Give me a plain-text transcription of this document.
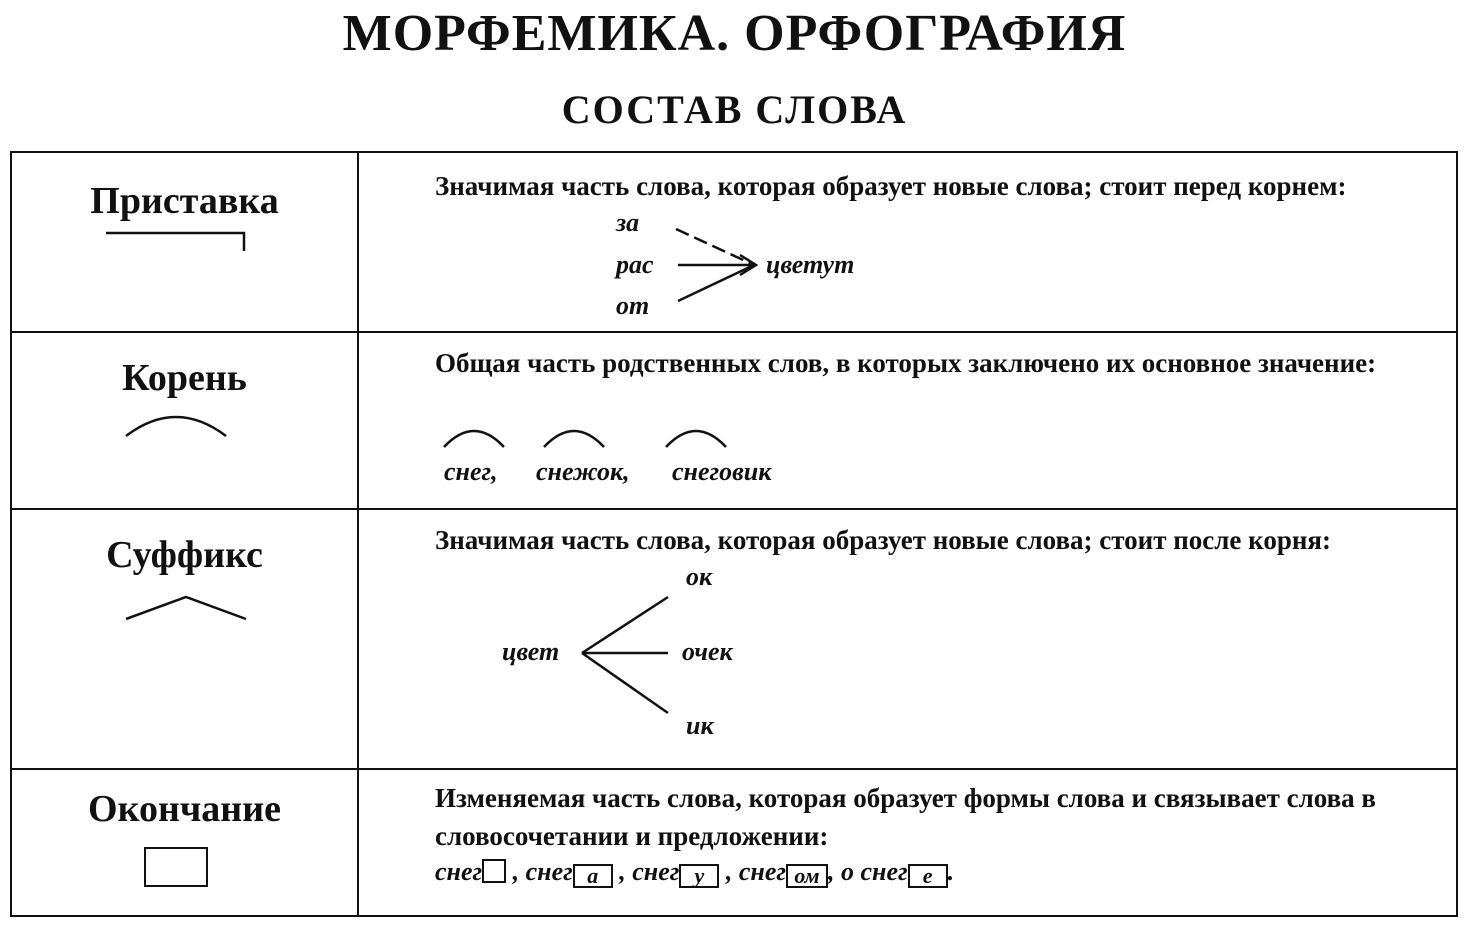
МОРФЕМИКА. ОРФОГРАФИЯ
СОСТАВ СЛОВА
Приставка	Значимая часть слова, которая образует новые слова; стоит перед корнем:
за
рас
от
цветут
Корень	Общая часть родственных слов, в которых заключено их основное значение:
снег, снежок, снеговик
Суффикс	Значимая часть слова, которая образует новые слова; стоит после корня:
ок
цвет	очек
ик
Окончание	Изменяемая часть слова, которая образует формы слова и связывает слова в словосочетании и предложении:
снег , снег а , снег у , снег ом , о снег е .
